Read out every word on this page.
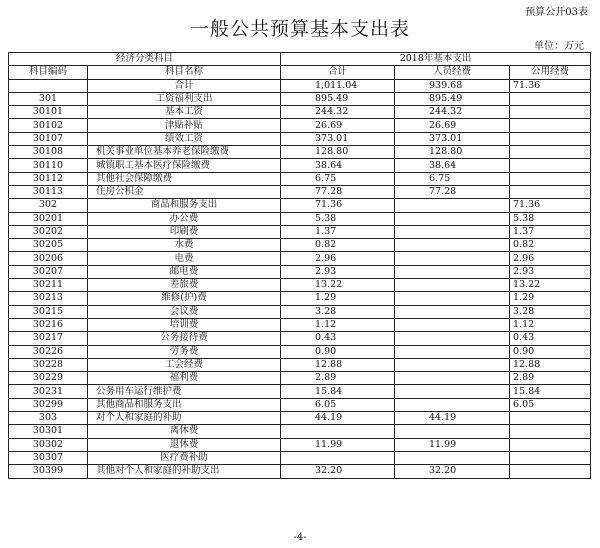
预算公开03表
一般公共预算基本支出表
单位：万元
经济分类科目		2018年基本支出		
科目编码	科目名称	合计	人员经费	公用经费
	合计	1,011.04	939.68	71.36
301	工资福利支出	895.49	895.49	
30101	基本工资	244.32	244.32	
30102	津贴补贴	26.69	26.69	
30107	绩效工资	373.01	373.01	
30108	机关事业单位基本养老保险缴费	128.80	128.80	
30110	城镇职工基本医疗保险缴费	38.64	38.64	
30112	其他社会保障缴费	6.75	6.75	
30113	住房公积金	77.28	77.28	
302	商品和服务支出	71.36		71.36
30201	办公费	5.38		5.38
30202	印刷费	1.37		1.37
30205	水费	0.82		0.82
30206	电费	2.96		2.96
30207	邮电费	2.93		2.93
30211	差旅费	13.22		13.22
30213	维修(护)费	1.29		1.29
30215	会议费	3.28		3.28
30216	培训费	1.12		1.12
30217	公务接待费	0.43		0.43
30226	劳务费	0.90		0.90
30228	工会经费	12.88		12.88
30229	福利费	2.89		2.89
30231	公务用车运行维护费	15.84		15.84
30299	其他商品和服务支出	6.05		6.05
303	对个人和家庭的补助	44.19	44.19	
30301	离休费			
30302	退休费	11.99	11.99	
30307	医疗费补助			
30399	其他对个人和家庭的补助支出	32.20	32.20	
-4-
